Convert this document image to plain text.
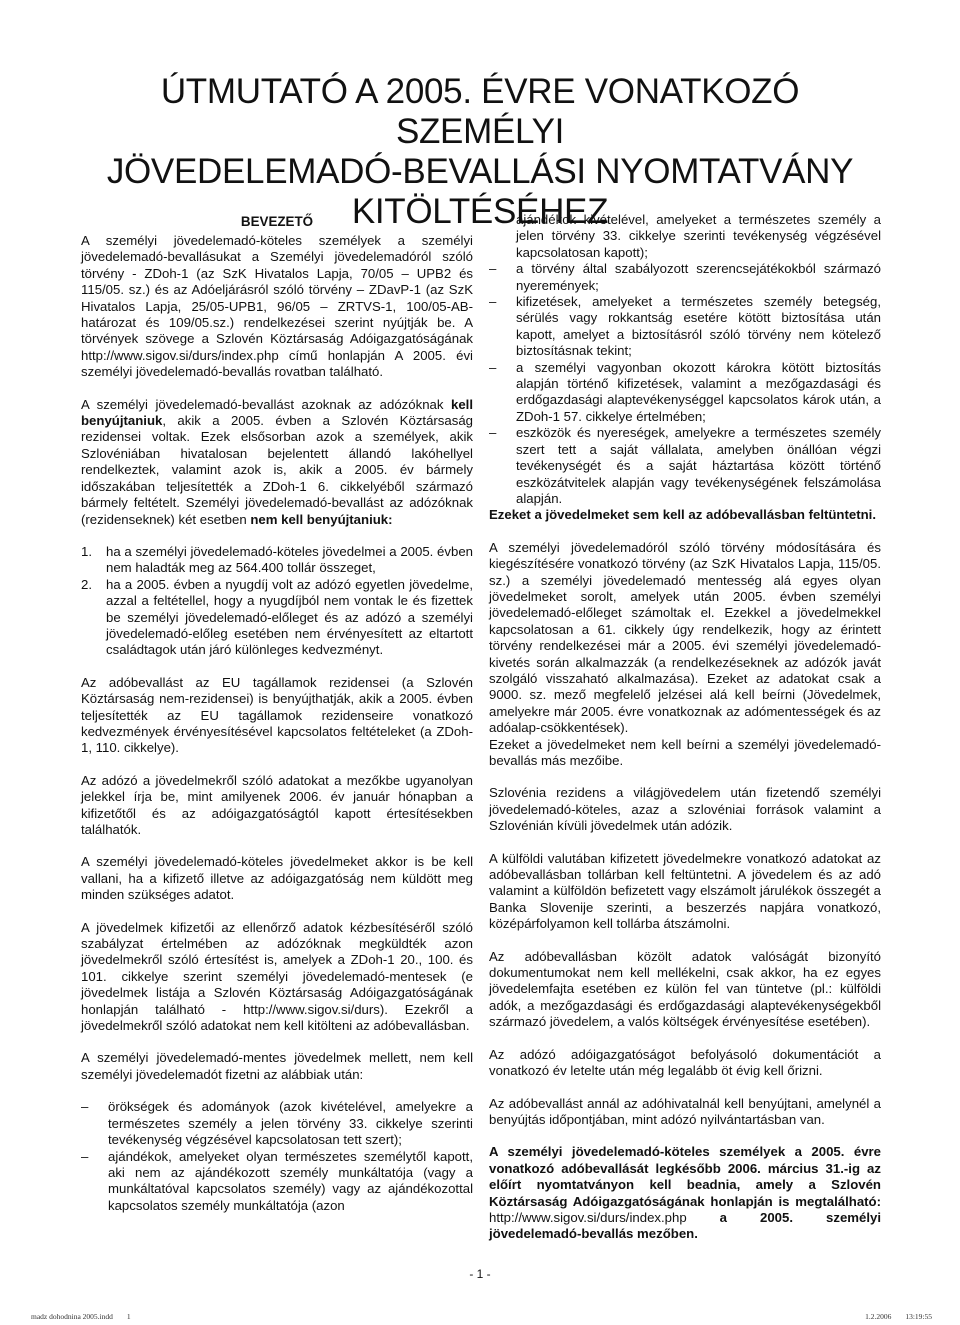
ÚTMUTATÓ A 2005. ÉVRE VONATKOZÓ SZEMÉLYI
JÖVEDELEMADÓ-BEVALLÁSI NYOMTATVÁNY
KITÖLTÉSÉHEZ
BEVEZETŐ

A személyi jövedelemadó-köteles személyek a személyi jövedelemadó-bevallásukat a Személyi jövedelemadóról szóló törvény - ZDoh-1 (az SzK Hivatalos Lapja, 70/05 – UPB2 és 115/05. sz.) és az Adóeljárásról szóló törvény – ZDavP-1 (az SzK Hivatalos Lapja, 25/05-UPB1, 96/05 – ZRTVS-1, 100/05-AB-határozat és 109/05.sz.) rendelkezései szerint nyújtják be. A törvények szövege a Szlovén Köztársaság Adóigazgatóságának http://www.sigov.si/durs/index.php című honlapján A 2005. évi személyi jövedelemadó-bevallás rovatban található.

A személyi jövedelemadó-bevallást azoknak az adózóknak kell benyújtaniuk, akik a 2005. évben a Szlovén Köztársaság rezidensei voltak. Ezek elsősorban azok a személyek, akik Szlovéniában hivatalosan bejelentett állandó lakóhellyel rendelkeztek, valamint azok is, akik a 2005. év bármely időszakában teljesítették a ZDoh-1 6. cikkelyéből származó bármely feltételt. Személyi jövedelemadó-bevallást az adózóknak (rezidenseknek) két esetben nem kell benyújtaniuk:

1. ha a személyi jövedelemadó-köteles jövedelmei a 2005. évben nem haladták meg az 564.400 tollár összeget,
2. ha a 2005. évben a nyugdíj volt az adózó egyetlen jövedelme, azzal a feltétellel, hogy a nyugdíjból nem vontak le és fizettek be személyi jövedelemadó-előleget és az adózó a személyi jövedelemadó-előleg esetében nem érvényesített az eltartott családtagok után járó különleges kedvezményt.

Az adóbevallást az EU tagállamok rezidensei (a Szlovén Köztársaság nem-rezidensei) is benyújthatják, akik a 2005. évben teljesítették az EU tagállamok rezidenseire vonatkozó kedvezmények érvényesítésével kapcsolatos feltételeket (a ZDoh-1, 110. cikkelye).

Az adózó a jövedelmekről szóló adatokat a mezőkbe ugyanolyan jelekkel írja be, mint amilyenek 2006. év január hónapban a kifizetőtől és az adóigazgatóságtól kapott értesítésekben találhatók.

A személyi jövedelemadó-köteles jövedelmeket akkor is be kell vallani, ha a kifizető illetve az adóigazgatóság nem küldött meg minden szükséges adatot.

A jövedelmek kifizetői az ellenőrző adatok kézbesítéséről szóló szabályzat értelmében az adózóknak megküldték azon jövedelmekről szóló értesítést is, amelyek a ZDoh-1 20., 100. és 101. cikkelye szerint személyi jövedelemadó-mentesek (e jövedelmek listája a Szlovén Köztársaság Adóigazgatóságának honlapján található - http://www.sigov.si/durs). Ezekről a jövedelmekről szóló adatokat nem kell kitölteni az adóbevallásban.

A személyi jövedelemadó-mentes jövedelmek mellett, nem kell személyi jövedelemadót fizetni az alábbiak után:

– örökségek és adományok (azok kivételével, amelyekre a természetes személy a jelen törvény 33. cikkelye szerinti tevékenység végzésével kapcsolatosan tett szert);
– ajándékok, amelyeket olyan természetes személytől kapott, aki nem az ajándékozott személy munkáltatója (vagy a munkáltatóval kapcsolatos személy) vagy az ajándékozottal kapcsolatos személy munkáltatója (azon

ajándékok kivételével, amelyeket a természetes személy a jelen törvény 33. cikkelye szerinti tevékenység végzésével kapcsolatosan kapott);

– a törvény által szabályozott szerencsejátékokból származó nyeremények;
– kifizetések, amelyeket a természetes személy betegség, sérülés vagy rokkantság esetére kötött biztosítása után kapott, amelyet a biztosításról szóló törvény nem kötelező biztosításnak tekint;
– a személyi vagyonban okozott károkra kötött biztosítás alapján történő kifizetések, valamint a mezőgazdasági és erdőgazdasági alaptevékenységgel kapcsolatos károk után, a ZDoh-1 57. cikkelye értelmében;
– eszközök és nyereségek, amelyekre a természetes személy szert tett a saját vállalata, amelyben önállóan végzi tevékenységét és a saját háztartása között történő eszközátvitelek alapján vagy tevékenységének felszámolása alapján.

Ezeket a jövedelmeket sem kell az adóbevallásban feltüntetni.

A személyi jövedelemadóról szóló törvény módosítására és kiegészítésére vonatkozó törvény (az SzK Hivatalos Lapja, 115/05. sz.) a személyi jövedelemadó mentesség alá egyes olyan jövedelmeket sorolt, amelyek után 2005. évben személyi jövedelemadó-előleget számoltak el. Ezekkel a jövedelmekkel kapcsolatosan a 61. cikkely úgy rendelkezik, hogy az érintett törvény rendelkezései már a 2005. évi személyi jövedelemadó-kivetés során alkalmazzák (a rendelkezéseknek az adózók javát szolgáló visszaható alkalmazása). Ezeket az adatokat csak a 9000. sz. mező megfelelő jelzései alá kell beírni (Jövedelmek, amelyekre már 2005. évre vonatkoznak az adómentességek és az adóalap-csökkentések).

Ezeket a jövedelmeket nem kell beírni a személyi jövedelemadó-bevallás más mezőibe.

Szlovénia rezidens a világjövedelem után fizetendő személyi jövedelemadó-köteles, azaz a szlovéniai források valamint a Szlovénián kívüli jövedelmek után adózik.

A külföldi valutában kifizetett jövedelmekre vonatkozó adatokat az adóbevallásban tollárban kell feltüntetni. A jövedelem és az adó valamint a külföldön befizetett vagy elszámolt járulékok összegét a Banka Slovenije szerinti, a beszerzés napjára vonatkozó, középárfolyamon kell tollárba átszámolni.

Az adóbevallásban közölt adatok valóságát bizonyító dokumentumokat nem kell mellékelni, csak akkor, ha ez egyes jövedelemfajta esetében ez külön fel van tüntetve (pl.: külföldi adók, a mezőgazdasági és erdőgazdasági alaptevékenységekből származó jövedelem, a valós költségek érvényesítése esetében).

Az adózó adóigazgatóságot befolyásoló dokumentációt a vonatkozó év letelte után még legalább öt évig kell őrizni.

Az adóbevallást annál az adóhivatalnál kell benyújtani, amelynél a benyújtás időpontjában, mint adózó nyilvántartásban van.

A személyi jövedelemadó-köteles személyek a 2005. évre vonatkozó adóbevallását legkésőbb 2006. március 31.-ig az előírt nyomtatványon kell beadnia, amely a Szlovén Köztársaság Adóigazgatóságának honlapján is megtalálható: http://www.sigov.si/durs/index.php a 2005. személyi jövedelemadó-bevallás mezőben.

- 1 -
madz dohodnina 2005.indd 1	1.2.2006 13:19:55
